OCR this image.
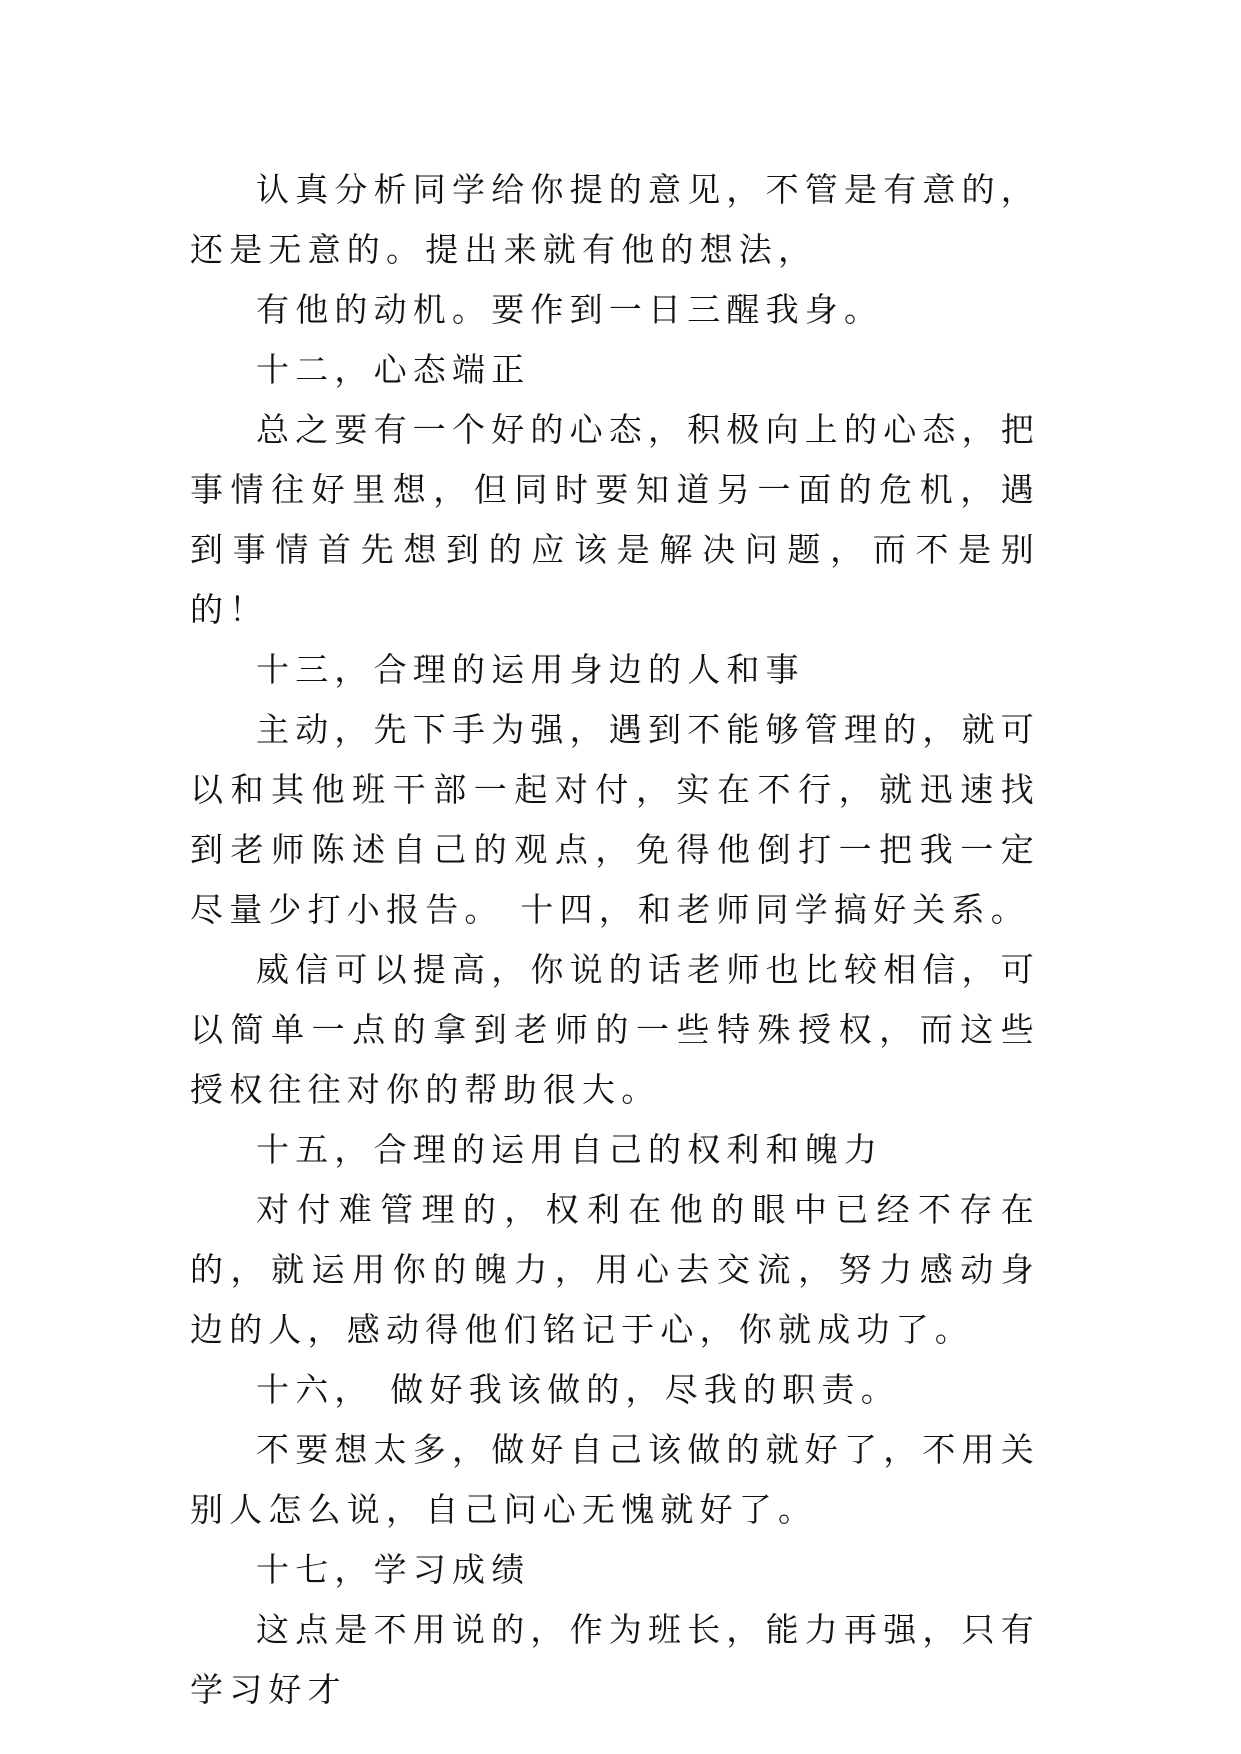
认真分析同学给你提的意见，不管是有意的，还是无意的。提出来就有他的想法，

有他的动机。要作到一日三醒我身。

十二，心态端正

总之要有一个好的心态，积极向上的心态，把事情往好里想，但同时要知道另一面的危机，遇到事情首先想到的应该是解决问题，而不是别的！

十三，合理的运用身边的人和事

主动，先下手为强，遇到不能够管理的，就可以和其他班干部一起对付，实在不行，就迅速找到老师陈述自己的观点，免得他倒打一把我一定尽量少打小报告。 十四，和老师同学搞好关系。

威信可以提高，你说的话老师也比较相信，可以简单一点的拿到老师的一些特殊授权，而这些授权往往对你的帮助很大。

十五，合理的运用自己的权利和魄力

对付难管理的，权利在他的眼中已经不存在的，就运用你的魄力，用心去交流，努力感动身边的人，感动得他们铭记于心，你就成功了。

十六， 做好我该做的，尽我的职责。

不要想太多，做好自己该做的就好了，不用关别人怎么说，自己问心无愧就好了。

十七，学习成绩

这点是不用说的，作为班长，能力再强，只有学习好才
